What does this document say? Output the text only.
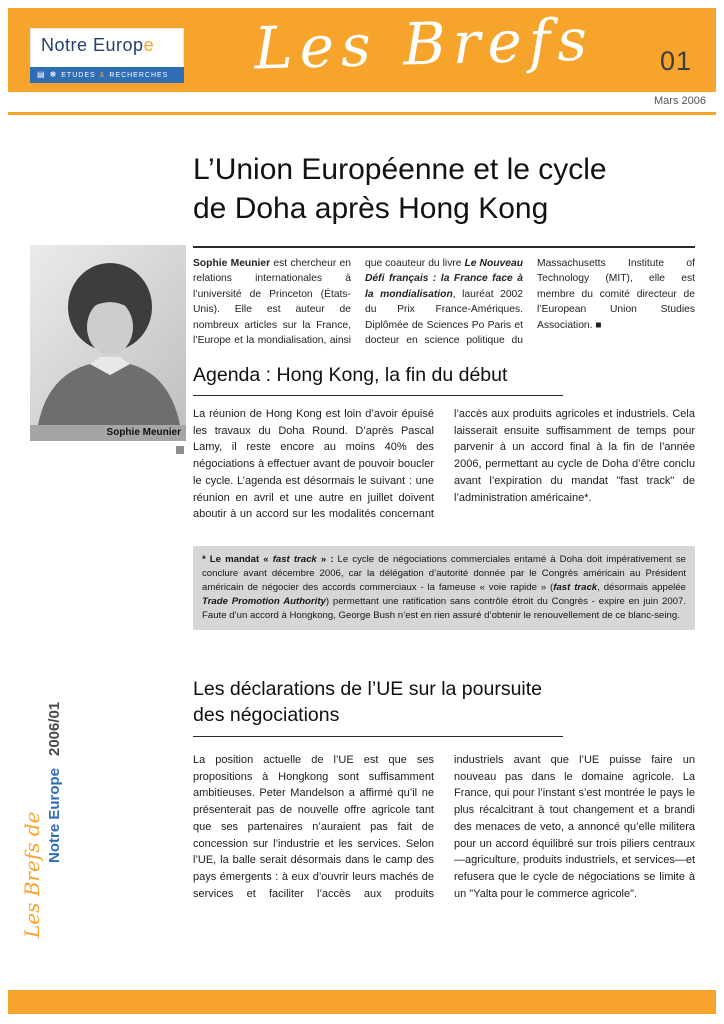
Notre Europe
▤ ❋ ETUDES & RECHERCHES Les Brefs 01
Mars 2006
L’Union Européenne et le cycle
de Doha après Hong Kong
Sophie Meunier
Sophie Meunier est chercheur en relations internationales à l’université de Princeton (États-Unis). Elle est auteur de nombreux articles sur la France, l’Europe et la mondialisation, ainsi que coauteur du livre Le Nouveau Défi français : la France face à la mondialisation, lauréat 2002 du Prix France-Amériques. Diplômée de Sciences Po Paris et docteur en science politique du Massachusetts Institute of Technology (MIT), elle est membre du comité directeur de l’European Union Studies Association. ■
Agenda : Hong Kong, la fin du début
La réunion de Hong Kong est loin d’avoir épuisé les travaux du Doha Round. D’après Pascal Lamy, il reste encore au moins 40% des négociations à effectuer avant de pouvoir boucler le cycle. L’agenda est désormais le suivant : une réunion en avril et une autre en juillet doivent aboutir à un accord sur les modalités concernant l’accès aux produits agricoles et industriels. Cela laisserait ensuite suffisamment de temps pour parvenir à un accord final à la fin de l’année 2006, permettant au cycle de Doha d’être conclu avant l’expiration du mandat "fast track" de l’administration américaine*.
* Le mandat « fast track » : Le cycle de négociations commerciales entamé à Doha doit impérativement se conclure avant décembre 2006, car la délégation d’autorité donnée par le Congrès américain au Président américain de négocier des accords commerciaux - la fameuse « voie rapide » (fast track, désormais appelée Trade Promotion Authority) permettant une ratification sans contrôle étroit du Congrès - expire en juin 2007. Faute d’un accord à Hongkong, George Bush n’est en rien assuré d’obtenir le renouvellement de ce blanc-seing.
Les déclarations de l’UE sur la poursuite des négociations
La position actuelle de l’UE est que ses propositions à Hongkong sont suffisamment ambitieuses. Peter Mandelson a affirmé qu’il ne présenterait pas de nouvelle offre agricole tant que ses partenaires n’auraient pas fait de concession sur l’industrie et les services. Selon l’UE, la balle serait désormais dans le camp des pays émergents : à eux d’ouvrir leurs machés de services et faciliter l’accès aux produits industriels avant que l’UE puisse faire un nouveau pas dans le domaine agricole. La France, qui pour l’instant s’est montrée le pays le plus récalcitrant à tout changement et a brandi des menaces de veto, a annoncé qu’elle militera pour un accord équilibré sur trois piliers centraux—agriculture, produits industriels, et services—et refusera que le cycle de négociations se limite à un "Yalta pour le commerce agricole".
Les Brefs de Notre Europe2006/01
